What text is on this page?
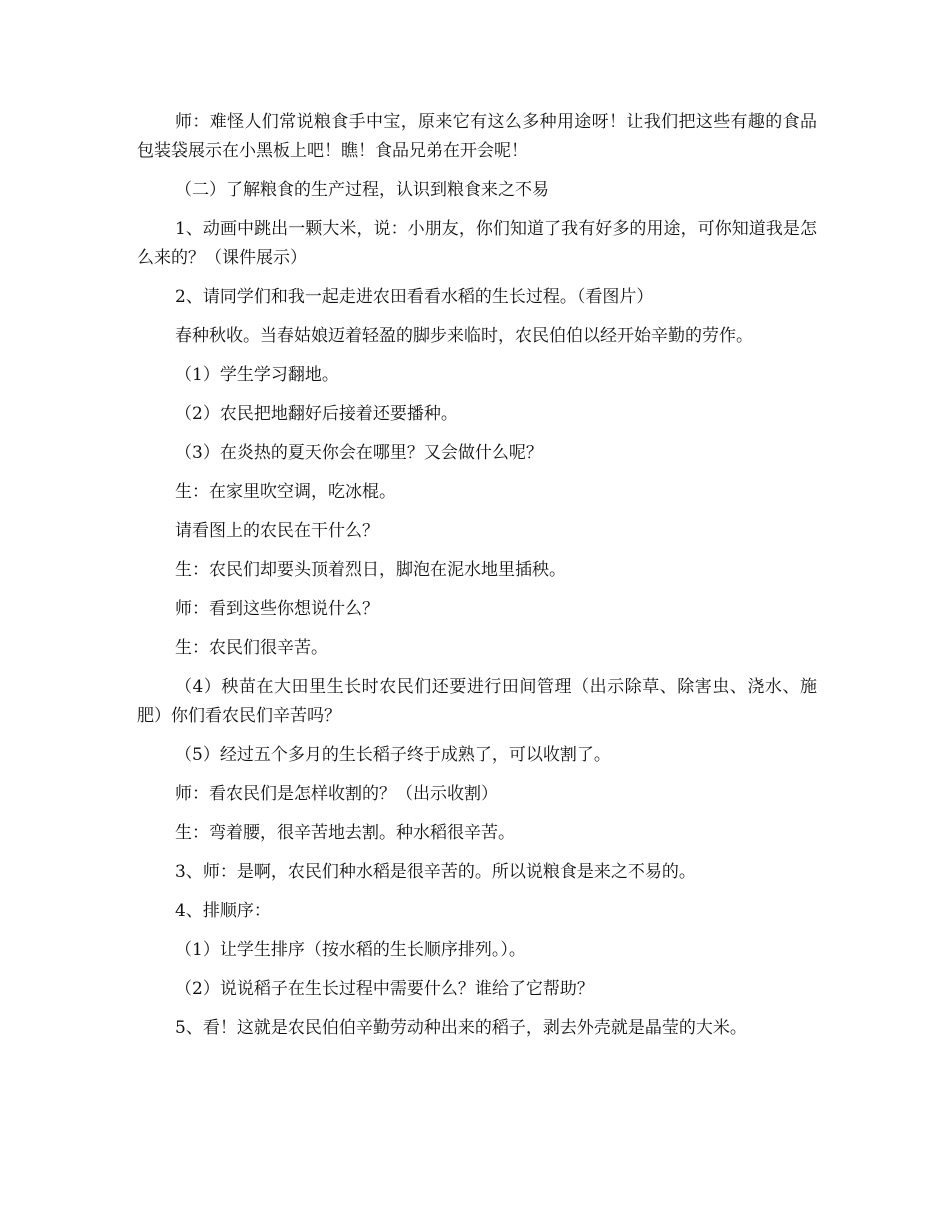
师：难怪人们常说粮食手中宝，原来它有这么多种用途呀！让我们把这些有趣的食品包装袋展示在小黑板上吧！瞧！食品兄弟在开会呢！

（二）了解粮食的生产过程，认识到粮食来之不易

1、动画中跳出一颗大米，说：小朋友，你们知道了我有好多的用途，可你知道我是怎么来的？（课件展示）

2、请同学们和我一起走进农田看看水稻的生长过程。（看图片）

春种秋收。当春姑娘迈着轻盈的脚步来临时，农民伯伯以经开始辛勤的劳作。

（1）学生学习翻地。

（2）农民把地翻好后接着还要播种。

（3）在炎热的夏天你会在哪里？又会做什么呢？

生：在家里吹空调，吃冰棍。

请看图上的农民在干什么？

生：农民们却要头顶着烈日，脚泡在泥水地里插秧。

师：看到这些你想说什么？

生：农民们很辛苦。

（4）秧苗在大田里生长时农民们还要进行田间管理（出示除草、除害虫、浇水、施肥）你们看农民们辛苦吗？

（5）经过五个多月的生长稻子终于成熟了，可以收割了。

师：看农民们是怎样收割的？（出示收割）

生：弯着腰，很辛苦地去割。种水稻很辛苦。

3、师：是啊，农民们种水稻是很辛苦的。所以说粮食是来之不易的。

4、排顺序：

（1）让学生排序（按水稻的生长顺序排列。）。

（2）说说稻子在生长过程中需要什么？谁给了它帮助？

5、看！这就是农民伯伯辛勤劳动种出来的稻子，剥去外壳就是晶莹的大米。
